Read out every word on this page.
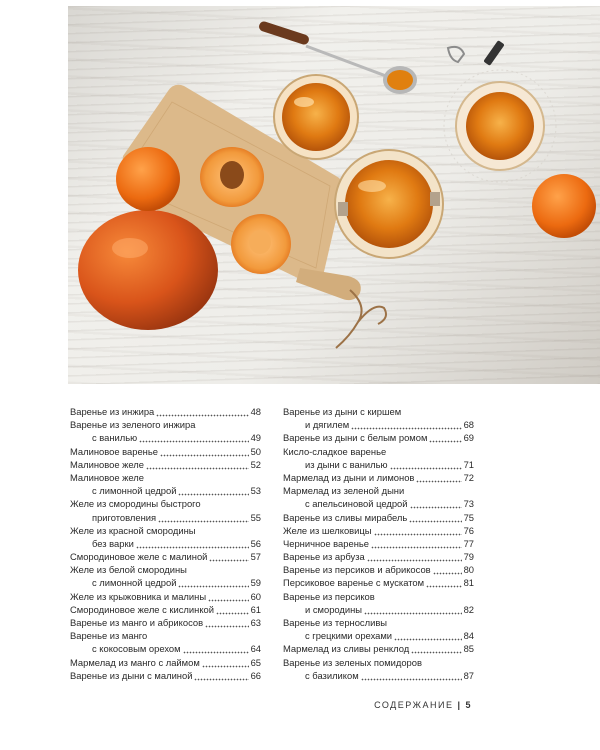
Варенье из инжира	48
Варенье из зеленого инжира
с ванилью	49
Малиновое варенье	50
Малиновое желе	52
Малиновое желе
с лимонной цедрой	53
Желе из смородины быстрого
приготовления	55
Желе из красной смородины
без варки	56
Смородиновое желе с малиной	57
Желе из белой смородины
с лимонной цедрой	59
Желе из крыжовника и малины	60
Смородиновое желе с кислинкой	61
Варенье из манго и абрикосов	63
Варенье из манго
с кокосовым орехом	64
Мармелад из манго с лаймом	65
Варенье из дыни с малиной	66
Варенье из дыни с киршем
и дягилем	68
Варенье из дыни с белым ромом	69
Кисло-сладкое варенье
из дыни с ванилью	71
Мармелад из дыни и лимонов	72
Мармелад из зеленой дыни
с апельсиновой цедрой	73
Варенье из сливы мирабель	75
Желе из шелковицы	76
Черничное варенье	77
Варенье из арбуза	79
Варенье из персиков и абрикосов	80
Персиковое варенье с мускатом	81
Варенье из персиков
и смородины	82
Варенье из терносливы
с грецкими орехами	84
Мармелад из сливы ренклод	85
Варенье из зеленых помидоров
с базиликом	87
СОДЕРЖАНИЕ | 5
